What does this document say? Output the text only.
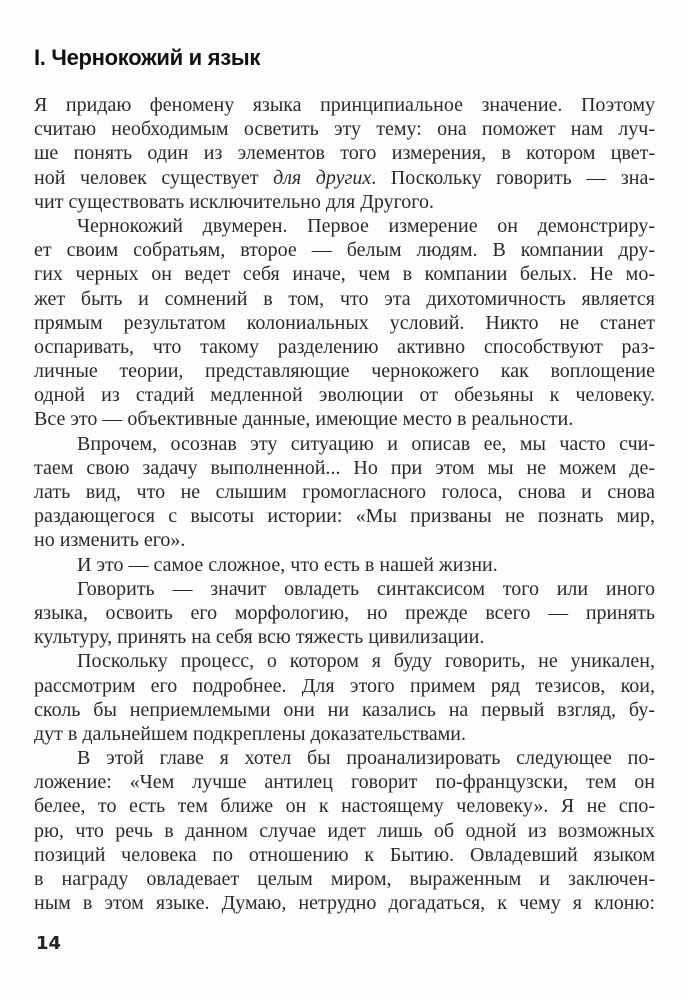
I. Чернокожий и язык
Я придаю феномену языка принципиальное значение. Поэтому
считаю необходимым осветить эту тему: она поможет нам луч-
ше понять один из элементов того измерения, в котором цвет-
ной человек существует для других. Поскольку говорить — зна-
чит существовать исключительно для Другого.
Чернокожий двумерен. Первое измерение он демонстриру-
ет своим собратьям, второе — белым людям. В компании дру-
гих черных он ведет себя иначе, чем в компании белых. Не мо-
жет быть и сомнений в том, что эта дихотомичность является
прямым результатом колониальных условий. Никто не станет
оспаривать, что такому разделению активно способствуют раз-
личные теории, представляющие чернокожего как воплощение
одной из стадий медленной эволюции от обезьяны к человеку.
Все это — объективные данные, имеющие место в реальности.
Впрочем, осознав эту ситуацию и описав ее, мы часто счи-
таем свою задачу выполненной... Но при этом мы не можем де-
лать вид, что не слышим громогласного голоса, снова и снова
раздающегося с высоты истории: «Мы призваны не познать мир,
но изменить его».
И это — самое сложное, что есть в нашей жизни.
Говорить — значит овладеть синтаксисом того или иного
языка, освоить его морфологию, но прежде всего — принять
культуру, принять на себя всю тяжесть цивилизации.
Поскольку процесс, о котором я буду говорить, не уникален,
рассмотрим его подробнее. Для этого примем ряд тезисов, кои,
сколь бы неприемлемыми они ни казались на первый взгляд, бу-
дут в дальнейшем подкреплены доказательствами.
В этой главе я хотел бы проанализировать следующее по-
ложение: «Чем лучше антилец говорит по-французски, тем он
белее, то есть тем ближе он к настоящему человеку». Я не спо-
рю, что речь в данном случае идет лишь об одной из возможных
позиций человека по отношению к Бытию. Овладевший языком
в награду овладевает целым миром, выраженным и заключен-
ным в этом языке. Думаю, нетрудно догадаться, к чему я клоню:
14
